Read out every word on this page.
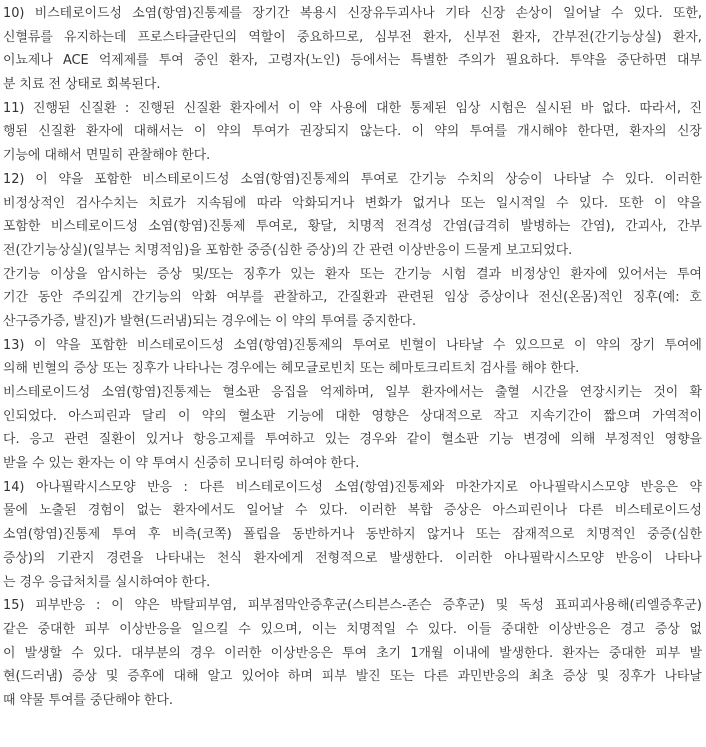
10) 비스테로이드성 소염(항염)진통제를 장기간 복용시 신장유두괴사나 기타 신장 손상이 일어날 수 있다. 또한,
신혈류를 유지하는데 프로스타글란딘의 역할이 중요하므로, 심부전 환자, 신부전 환자, 간부전(간기능상실) 환자,
이뇨제나 ACE 억제제를 투여 중인 환자, 고령자(노인) 등에서는 특별한 주의가 필요하다. 투약을 중단하면 대부
분 치료 전 상태로 회복된다.
11) 진행된 신질환 : 진행된 신질환 환자에서 이 약 사용에 대한 통제된 임상 시험은 실시된 바 없다. 따라서, 진
행된 신질환 환자에 대해서는 이 약의 투여가 권장되지 않는다. 이 약의 투여를 개시해야 한다면, 환자의 신장
기능에 대해서 면밀히 관찰해야 한다.
12) 이 약을 포함한 비스테로이드성 소염(항염)진통제의 투여로 간기능 수치의 상승이 나타날 수 있다. 이러한
비정상적인 검사수치는 치료가 지속됨에 따라 악화되거나 변화가 없거나 또는 일시적일 수 있다. 또한 이 약을
포함한 비스테로이드성 소염(항염)진통제 투여로, 황달, 치명적 전격성 간염(급격히 발병하는 간염), 간괴사, 간부
전(간기능상실)(일부는 치명적임)을 포함한 중증(심한 증상)의 간 관련 이상반응이 드물게 보고되었다.
간기능 이상을 암시하는 증상 및/또는 징후가 있는 환자 또는 간기능 시험 결과 비정상인 환자에 있어서는 투여
기간 동안 주의깊게 간기능의 악화 여부를 관찰하고, 간질환과 관련된 임상 증상이나 전신(온몸)적인 징후(예: 호
산구증가증, 발진)가 발현(드러냄)되는 경우에는 이 약의 투여를 중지한다.
13) 이 약을 포함한 비스테로이드성 소염(항염)진통제의 투여로 빈혈이 나타날 수 있으므로 이 약의 장기 투여에
의해 빈혈의 증상 또는 징후가 나타나는 경우에는 헤모글로빈치 또는 헤마토크리트치 검사를 해야 한다.
비스테로이드성 소염(항염)진통제는 혈소판 응집을 억제하며, 일부 환자에서는 출혈 시간을 연장시키는 것이 확
인되었다. 아스피린과 달리 이 약의 혈소판 기능에 대한 영향은 상대적으로 작고 지속기간이 짧으며 가역적이
다. 응고 관련 질환이 있거나 항응고제를 투여하고 있는 경우와 같이 혈소판 기능 변경에 의해 부정적인 영향을
받을 수 있는 환자는 이 약 투여시 신중히 모니터링 하여야 한다.
14) 아나필락시스모양 반응 : 다른 비스테로이드성 소염(항염)진통제와 마찬가지로 아나필락시스모양 반응은 약
물에 노출된 경험이 없는 환자에서도 일어날 수 있다. 이러한 복합 증상은 아스피린이나 다른 비스테로이드성
소염(항염)진통제 투여 후 비측(코쪽) 폴립을 동반하거나 동반하지 않거나 또는 잠재적으로 치명적인 중증(심한
증상)의 기관지 경련을 나타내는 천식 환자에게 전형적으로 발생한다. 이러한 아나필락시스모양 반응이 나타나
는 경우 응급처치를 실시하여야 한다.
15) 피부반응 : 이 약은 박탈피부염, 피부점막안증후군(스티븐스-존슨 증후군) 및 독성 표피괴사용해(리엘증후군)
같은 중대한 피부 이상반응을 일으킬 수 있으며, 이는 치명적일 수 있다. 이들 중대한 이상반응은 경고 증상 없
이 발생할 수 있다. 대부분의 경우 이러한 이상반응은 투여 초기 1개월 이내에 발생한다. 환자는 중대한 피부 발
현(드러냄) 증상 및 증후에 대해 알고 있어야 하며 피부 발진 또는 다른 과민반응의 최초 증상 및 징후가 나타날
때 약물 투여를 중단해야 한다.
